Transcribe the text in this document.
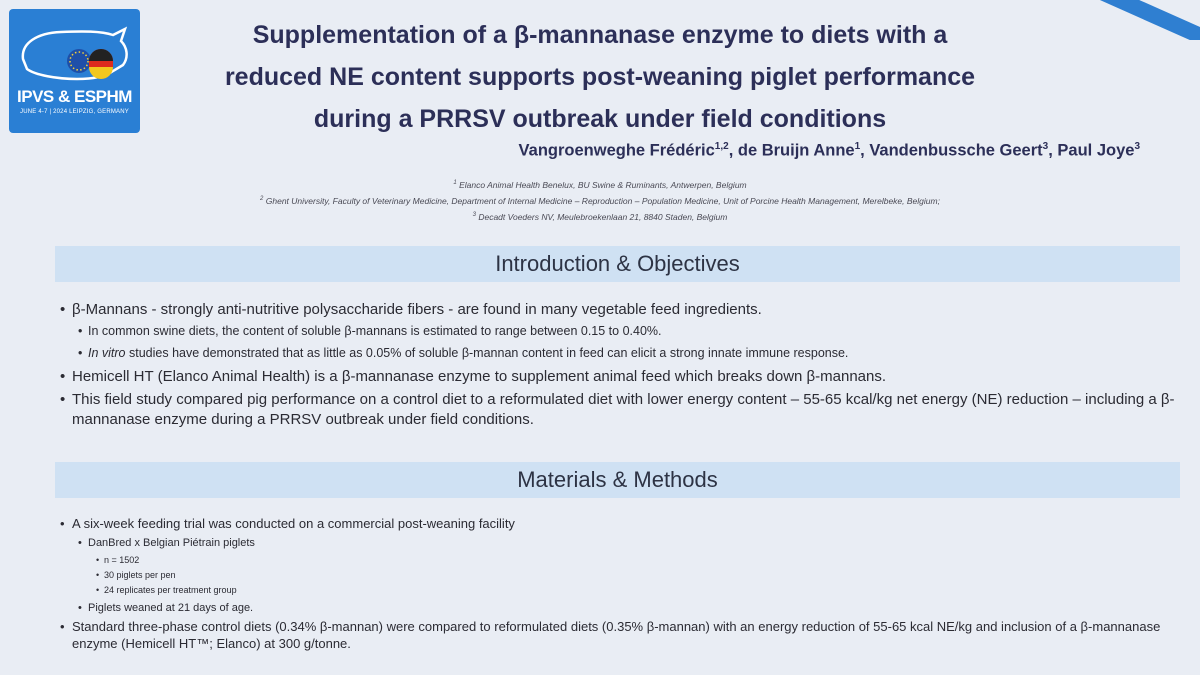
IPVS & ESPHM
JUNE 4-7 | 2024 LEIPZIG, GERMANY
Supplementation of a β-mannanase enzyme to diets with a
reduced NE content supports post-weaning piglet performance
during a PRRSV outbreak under field conditions
Vangroenweghe Frédéric$^{1,2}$, de Bruijn Anne$^1$, Vandenbussche Geert$^3$, Paul Joye$^3$
$^1$ Elanco Animal Health Benelux, BU Swine & Ruminants, Antwerpen, Belgium
$^2$ Ghent University, Faculty of Veterinary Medicine, Department of Internal Medicine – Reproduction – Population Medicine, Unit of Porcine Health Management, Merelbeke, Belgium;
$^3$ Decadt Voeders NV, Meulebroekenlaan 21, 8840 Staden, Belgium
Introduction & Objectives
• β-Mannans - strongly anti-nutritive polysaccharide fibers - are found in many vegetable feed ingredients.
• In common swine diets, the content of soluble β-mannans is estimated to range between 0.15 to 0.40%.
• In vitro studies have demonstrated that as little as 0.05% of soluble β-mannan content in feed can elicit a strong innate immune response.
• Hemicell HT (Elanco Animal Health) is a β-mannanase enzyme to supplement animal feed which breaks down β-mannans.
• This field study compared pig performance on a control diet to a reformulated diet with lower energy content – 55-65 kcal/kg net energy (NE) reduction – including a β-mannanase enzyme during a PRRSV outbreak under field conditions.
Materials & Methods
• A six-week feeding trial was conducted on a commercial post-weaning facility
• DanBred x Belgian Piétrain piglets
• n = 1502
• 30 piglets per pen
• 24 replicates per treatment group
• Piglets weaned at 21 days of age.
• Standard three-phase control diets (0.34% β-mannan) were compared to reformulated diets (0.35% β-mannan) with an energy reduction of 55-65 kcal NE/kg and inclusion of a β-mannanase enzyme (Hemicell HT™; Elanco) at 300 g/tonne.
